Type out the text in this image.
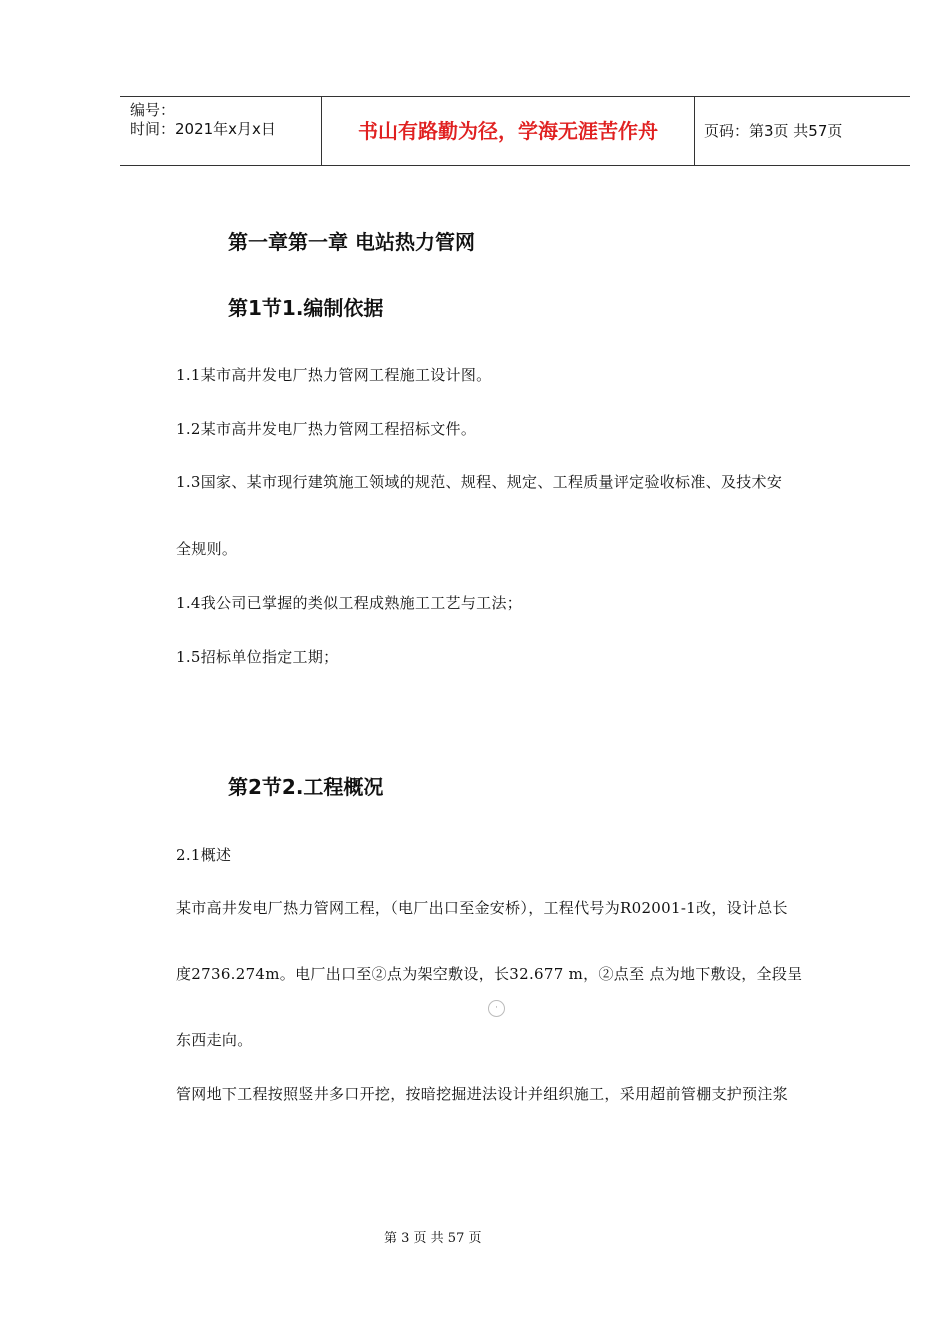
编号：
时间：2021年x月x日	书山有路勤为径，学海无涯苦作舟	页码：第3页 共57页
第一章第一章 电站热力管网
第1节1.编制依据
1.1某市高井发电厂热力管网工程施工设计图。
1.2某市高井发电厂热力管网工程招标文件。
1.3国家、某市现行建筑施工领域的规范、规程、规定、工程质量评定验收标准、及技术安
全规则。
1.4我公司已掌握的类似工程成熟施工工艺与工法；
1.5招标单位指定工期；
第2节2.工程概况
2.1概述
某市高井发电厂热力管网工程，（电厂出口至金安桥），工程代号为R02001-1改，设计总长
度2736.274m。电厂出口至②点为架空敷设，长32.677 m，②点至 点为地下敷设，全段呈
·
东西走向。
管网地下工程按照竖井多口开挖，按暗挖掘进法设计并组织施工，采用超前管棚支护预注浆
第 3 页 共 57 页
